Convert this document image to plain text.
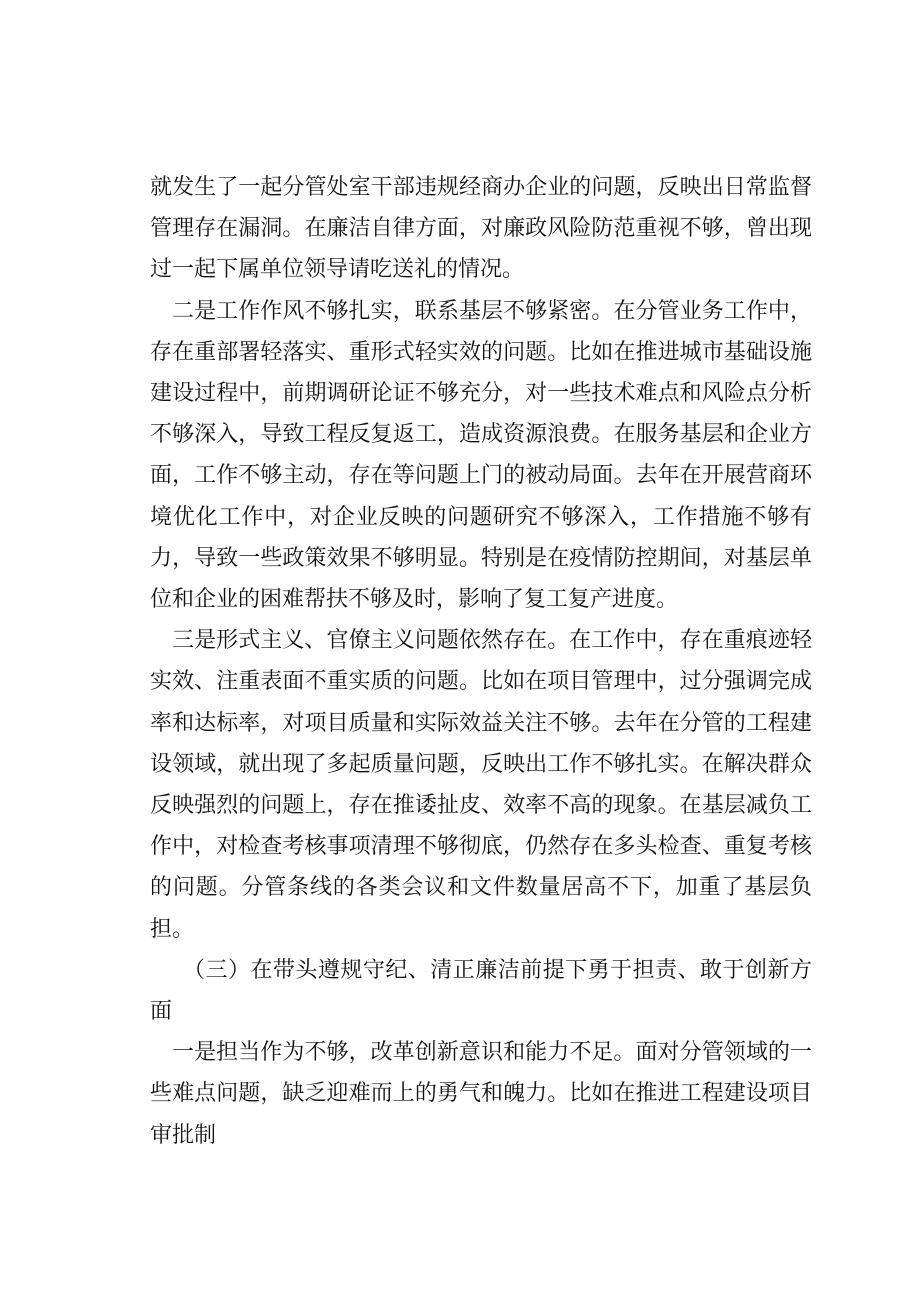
就发生了一起分管处室干部违规经商办企业的问题，反映出日常监督管理存在漏洞。在廉洁自律方面，对廉政风险防范重视不够，曾出现过一起下属单位领导请吃送礼的情况。

二是工作作风不够扎实，联系基层不够紧密。在分管业务工作中，存在重部署轻落实、重形式轻实效的问题。比如在推进城市基础设施建设过程中，前期调研论证不够充分，对一些技术难点和风险点分析不够深入，导致工程反复返工，造成资源浪费。在服务基层和企业方面，工作不够主动，存在等问题上门的被动局面。去年在开展营商环境优化工作中，对企业反映的问题研究不够深入，工作措施不够有力，导致一些政策效果不够明显。特别是在疫情防控期间，对基层单位和企业的困难帮扶不够及时，影响了复工复产进度。

三是形式主义、官僚主义问题依然存在。在工作中，存在重痕迹轻实效、注重表面不重实质的问题。比如在项目管理中，过分强调完成率和达标率，对项目质量和实际效益关注不够。去年在分管的工程建设领域，就出现了多起质量问题，反映出工作不够扎实。在解决群众反映强烈的问题上，存在推诿扯皮、效率不高的现象。在基层减负工作中，对检查考核事项清理不够彻底，仍然存在多头检查、重复考核的问题。分管条线的各类会议和文件数量居高不下，加重了基层负担。

（三）在带头遵规守纪、清正廉洁前提下勇于担责、敢于创新方面

一是担当作为不够，改革创新意识和能力不足。面对分管领域的一些难点问题，缺乏迎难而上的勇气和魄力。比如在推进工程建设项目审批制
